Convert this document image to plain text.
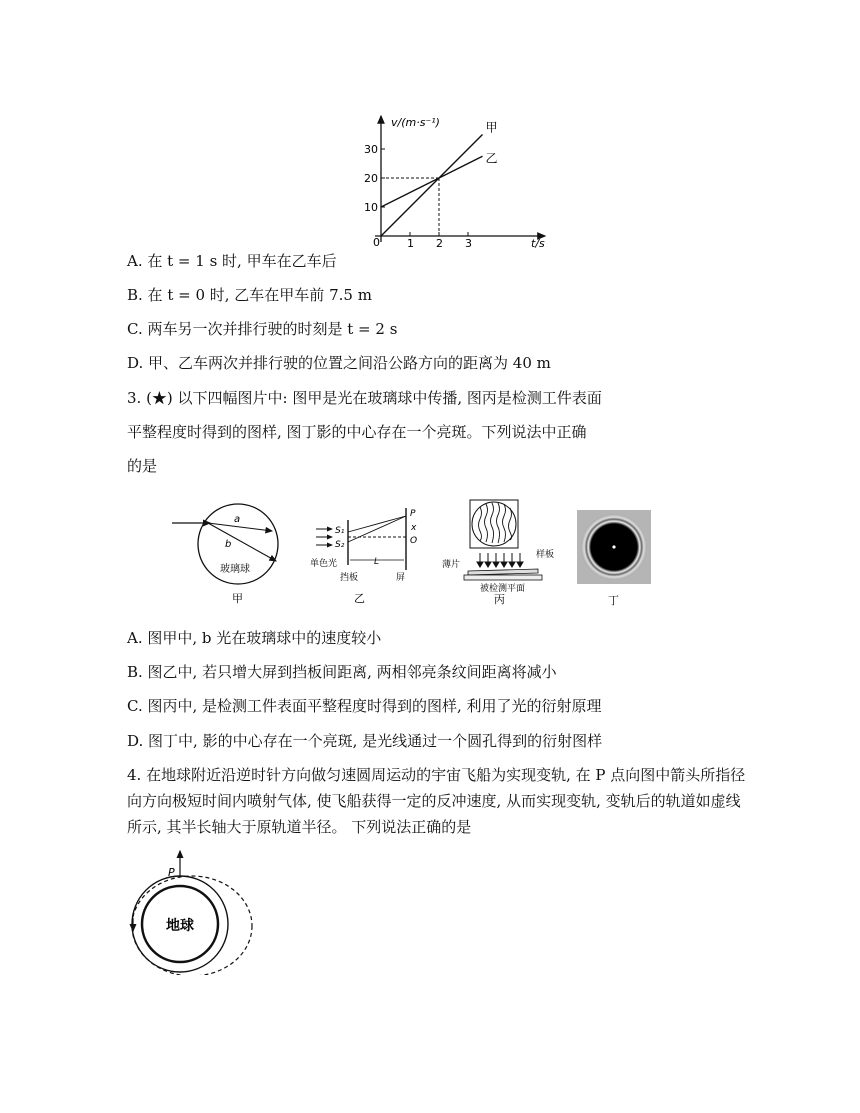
1 2 3
10
20
30
甲
乙
v/(m·s⁻¹)
t/s
0
A. 在 t = 1 s 时, 甲车在乙车后
B. 在 t = 0 时, 乙车在甲车前 7.5 m
C. 两车另一次并排行驶的时刻是 t = 2 s
D. 甲、乙车两次并排行驶的位置之间沿公路方向的距离为 40 m
3. (★) 以下四幅图片中: 图甲是光在玻璃球中传播, 图丙是检测工件表面
平整程度时得到的图样, 图丁影的中心存在一个亮斑。下列说法中正确
的是
a
b
玻璃球
甲
S₁
S₂
P
x
O
L
单色光
挡板	屏
乙
薄片
样板
被检测平面
丙	丁
A. 图甲中, b 光在玻璃球中的速度较小
B. 图乙中, 若只增大屏到挡板间距离, 两相邻亮条纹间距离将减小
C. 图丙中, 是检测工件表面平整程度时得到的图样, 利用了光的衍射原理
D. 图丁中, 影的中心存在一个亮斑, 是光线通过一个圆孔得到的衍射图样
4. 在地球附近沿逆时针方向做匀速圆周运动的宇宙飞船为实现变轨, 在 P 点向图中箭头所指径向方向极短时间内喷射气体, 使飞船获得一定的反冲速度, 从而实现变轨, 变轨后的轨道如虚线所示, 其半长轴大于原轨道半径。 下列说法正确的是
P
地球
